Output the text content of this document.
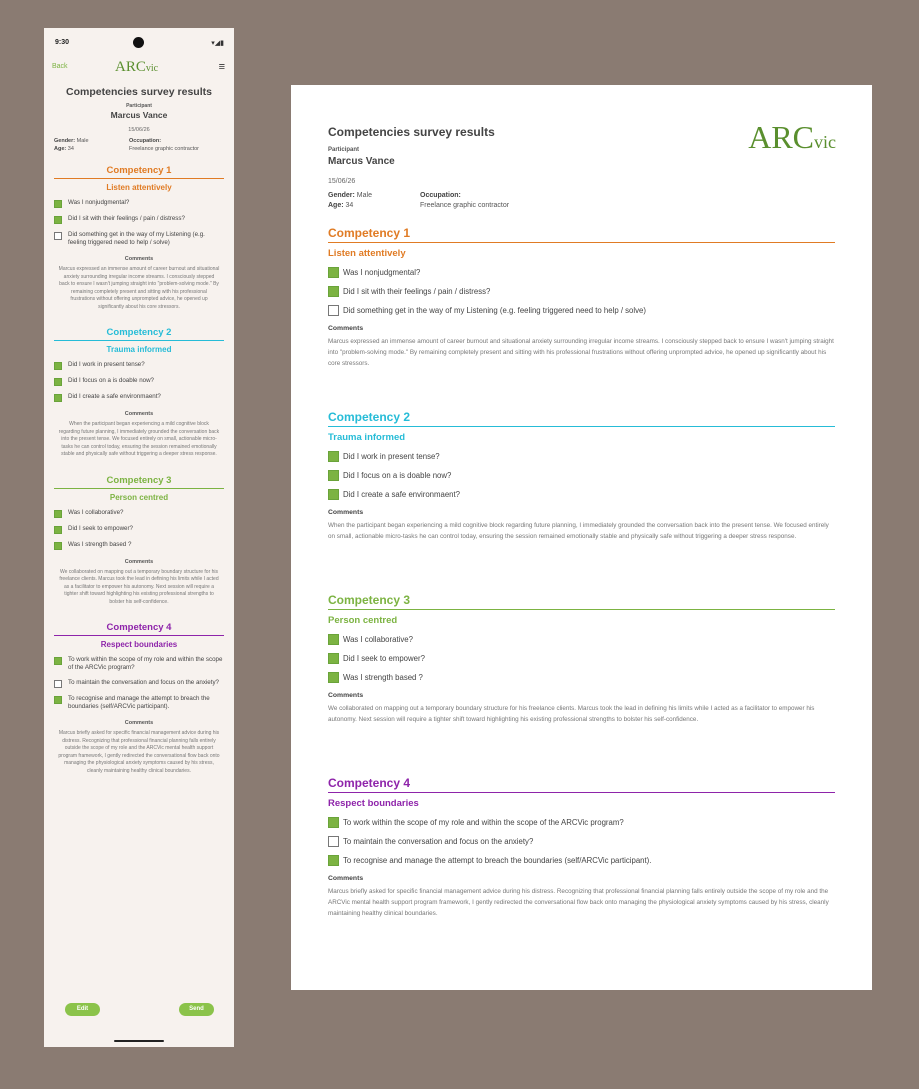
9:30	▾◢▮
Back	ARCvic	≡
Competencies survey results
Participant
Marcus Vance
15/06/26
Gender: Male
Age: 34
Occupation:
Freelance graphic contractor
Competency 1
Listen attentively
Was I nonjudgmental?
Did I sit with their feelings / pain / distress?
Did something get in the way of my Listening (e.g. feeling triggered need to help / solve)
Comments
Marcus expressed an immense amount of career burnout and situational anxiety surrounding irregular income streams. I consciously stepped back to ensure I wasn't jumping straight into "problem-solving mode." By remaining completely present and sitting with his professional frustrations without offering unprompted advice, he opened up significantly about his core stressors.
Competency 2
Trauma informed
Did I work in present tense?
Did I focus on a is doable now?
Did I create a safe environmaent?
Comments
When the participant began experiencing a mild cognitive block regarding future planning, I immediately grounded the conversation back into the present tense. We focused entirely on small, actionable micro-tasks he can control today, ensuring the session remained emotionally stable and physically safe without triggering a deeper stress response.
Competency 3
Person centred
Was I collaborative?
Did I seek to empower?
Was I strength based ?
Comments
We collaborated on mapping out a temporary boundary structure for his freelance clients. Marcus took the lead in defining his limits while I acted as a facilitator to empower his autonomy. Next session will require a tighter shift toward highlighting his existing professional strengths to bolster his self-confidence.
Competency 4
Respect boundaries
To work within the scope of my role and within the scope of the ARCVic program?
To maintain the conversation and focus on the anxiety?
To recognise and manage the attempt to breach the boundaries (self/ARCVic participant).
Comments
Marcus briefly asked for specific financial management advice during his distress. Recognizing that professional financial planning falls entirely outside the scope of my role and the ARCVic mental health support program framework, I gently redirected the conversational flow back onto managing the physiological anxiety symptoms caused by his stress, cleanly maintaining healthy clinical boundaries.
Edit	Send
ARCvic
Competencies survey results
Participant
Marcus Vance
15/06/26
Gender: Male
Age: 34
Occupation:
Freelance graphic contractor
Competency 1
Listen attentively
Was I nonjudgmental?
Did I sit with their feelings / pain / distress?
Did something get in the way of my Listening (e.g. feeling triggered need to help / solve)
Comments
Marcus expressed an immense amount of career burnout and situational anxiety surrounding irregular income streams. I consciously stepped back to ensure I wasn't jumping straight into "problem-solving mode." By remaining completely present and sitting with his professional frustrations without offering unprompted advice, he opened up significantly about his core stressors.
Competency 2
Trauma informed
Did I work in present tense?
Did I focus on a is doable now?
Did I create a safe environmaent?
Comments
When the participant began experiencing a mild cognitive block regarding future planning, I immediately grounded the conversation back into the present tense. We focused entirely on small, actionable micro-tasks he can control today, ensuring the session remained emotionally stable and physically safe without triggering a deeper stress response.
Competency 3
Person centred
Was I collaborative?
Did I seek to empower?
Was I strength based ?
Comments
We collaborated on mapping out a temporary boundary structure for his freelance clients. Marcus took the lead in defining his limits while I acted as a facilitator to empower his autonomy. Next session will require a tighter shift toward highlighting his existing professional strengths to bolster his self-confidence.
Competency 4
Respect boundaries
To work within the scope of my role and within the scope of the ARCVic program?
To maintain the conversation and focus on the anxiety?
To recognise and manage the attempt to breach the boundaries (self/ARCVic participant).
Comments
Marcus briefly asked for specific financial management advice during his distress. Recognizing that professional financial planning falls entirely outside the scope of my role and the ARCVic mental health support program framework, I gently redirected the conversational flow back onto managing the physiological anxiety symptoms caused by his stress, cleanly maintaining healthy clinical boundaries.
